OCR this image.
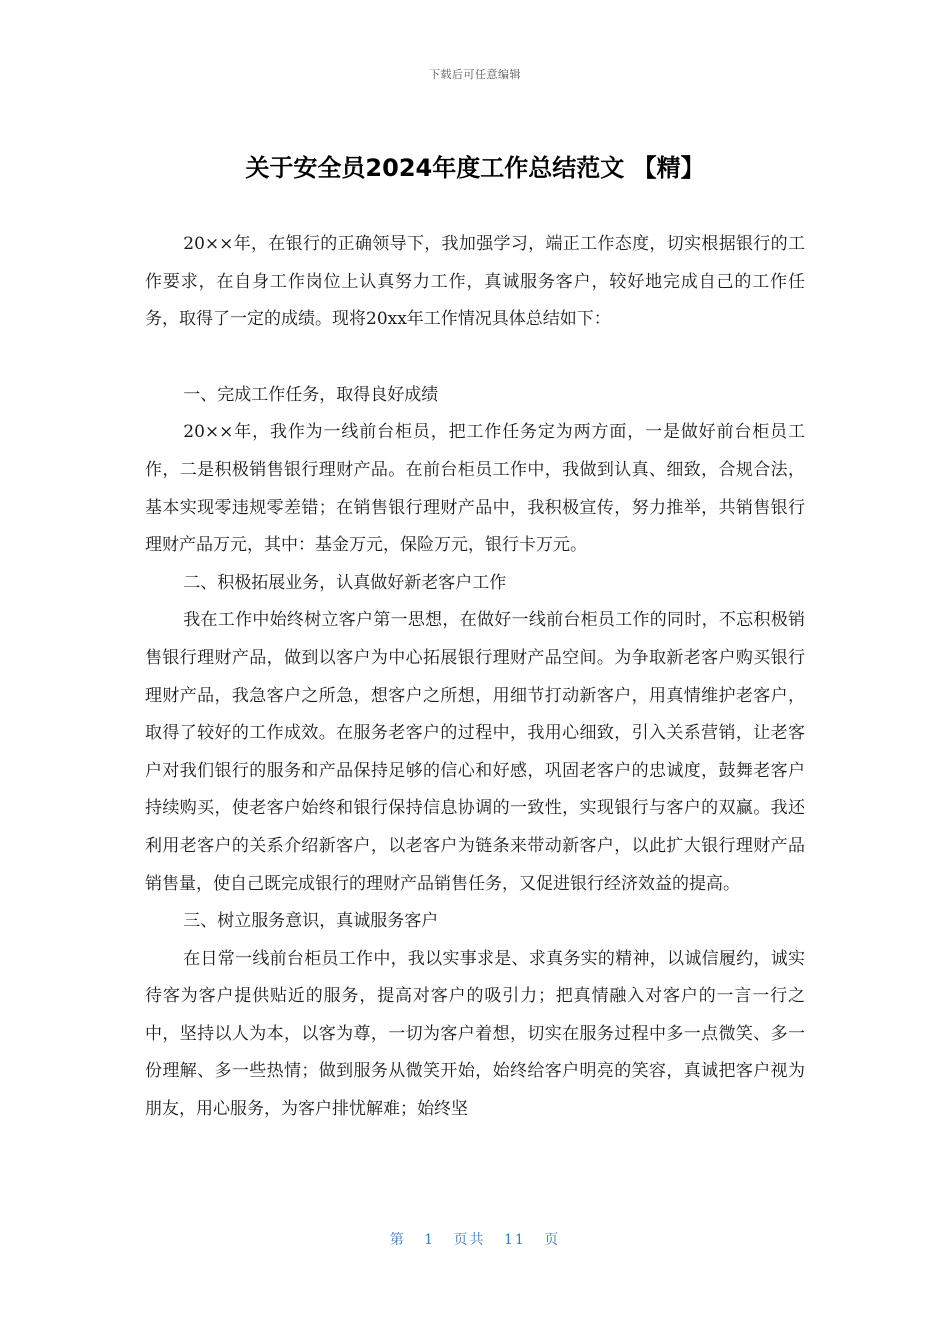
下载后可任意编辑
关于安全员2024年度工作总结范文 【精】

20××年，在银行的正确领导下，我加强学习，端正工作态度，切实根据银行的工作要求，在自身工作岗位上认真努力工作，真诚服务客户，较好地完成自己的工作任务，取得了一定的成绩。现将20xx年工作情况具体总结如下：

一、完成工作任务，取得良好成绩

20××年，我作为一线前台柜员，把工作任务定为两方面，一是做好前台柜员工作，二是积极销售银行理财产品。在前台柜员工作中，我做到认真、细致，合规合法，基本实现零违规零差错；在销售银行理财产品中，我积极宣传，努力推举，共销售银行理财产品万元，其中：基金万元，保险万元，银行卡万元。

二、积极拓展业务，认真做好新老客户工作

我在工作中始终树立客户第一思想，在做好一线前台柜员工作的同时，不忘积极销售银行理财产品，做到以客户为中心拓展银行理财产品空间。为争取新老客户购买银行理财产品，我急客户之所急，想客户之所想，用细节打动新客户，用真情维护老客户，取得了较好的工作成效。在服务老客户的过程中，我用心细致，引入关系营销，让老客户对我们银行的服务和产品保持足够的信心和好感，巩固老客户的忠诚度，鼓舞老客户持续购买，使老客户始终和银行保持信息协调的一致性，实现银行与客户的双赢。我还利用老客户的关系介绍新客户，以老客户为链条来带动新客户，以此扩大银行理财产品销售量，使自己既完成银行的理财产品销售任务，又促进银行经济效益的提高。

三、树立服务意识，真诚服务客户

在日常一线前台柜员工作中，我以实事求是、求真务实的精神，以诚信履约，诚实待客为客户提供贴近的服务，提高对客户的吸引力；把真情融入对客户的一言一行之中，坚持以人为本，以客为尊，一切为客户着想，切实在服务过程中多一点微笑、多一份理解、多一些热情；做到服务从微笑开始，始终给客户明亮的笑容，真诚把客户视为朋友，用心服务，为客户排忧解难；始终坚

第 1 页共 11 页
